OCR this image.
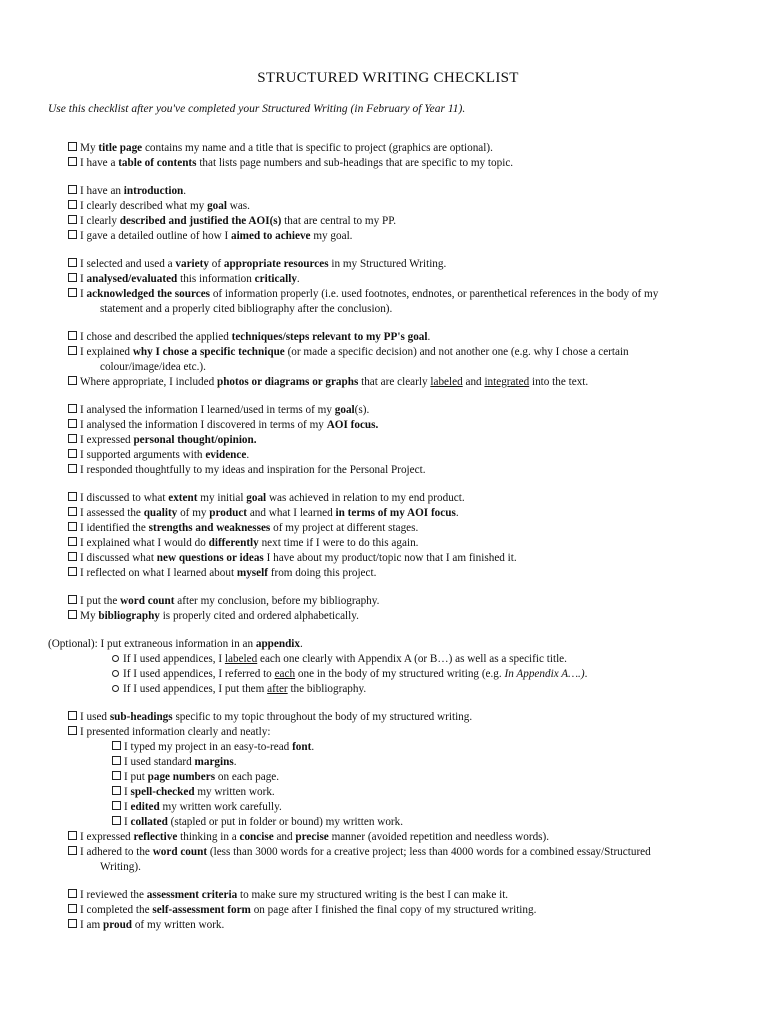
STRUCTURED WRITING CHECKLIST

Use this checklist after you've completed your Structured Writing (in February of Year 11).

My title page contains my name and a title that is specific to project (graphics are optional).

I have a table of contents that lists page numbers and sub-headings that are specific to my topic.

I have an introduction.

I clearly described what my goal was.

I clearly described and justified the AOI(s) that are central to my PP.

I gave a detailed outline of how I aimed to achieve my goal.

I selected and used a variety of appropriate resources in my Structured Writing.

I analysed/evaluated this information critically.

I acknowledged the sources of information properly (i.e. used footnotes, endnotes, or parenthetical references in the body of my

statement and a properly cited bibliography after the conclusion).

I chose and described the applied techniques/steps relevant to my PP's goal.

I explained why I chose a specific technique (or made a specific decision) and not another one (e.g. why I chose a certain

colour/image/idea etc.).

Where appropriate, I included photos or diagrams or graphs that are clearly labeled and integrated into the text.

I analysed the information I learned/used in terms of my goal(s).

I analysed the information I discovered in terms of my AOI focus.

I expressed personal thought/opinion.

I supported arguments with evidence.

I responded thoughtfully to my ideas and inspiration for the Personal Project.

I discussed to what extent my initial goal was achieved in relation to my end product.

I assessed the quality of my product and what I learned in terms of my AOI focus.

I identified the strengths and weaknesses of my project at different stages.

I explained what I would do differently next time if I were to do this again.

I discussed what new questions or ideas I have about my product/topic now that I am finished it.

I reflected on what I learned about myself from doing this project.

I put the word count after my conclusion, before my bibliography.

My bibliography is properly cited and ordered alphabetically.

(Optional): I put extraneous information in an appendix.

If I used appendices, I labeled each one clearly with Appendix A (or B…) as well as a specific title.

If I used appendices, I referred to each one in the body of my structured writing (e.g. In Appendix A….).

If I used appendices, I put them after the bibliography.

I used sub-headings specific to my topic throughout the body of my structured writing.

I presented information clearly and neatly:

I typed my project in an easy-to-read font.

I used standard margins.

I put page numbers on each page.

I spell-checked my written work.

I edited my written work carefully.

I collated (stapled or put in folder or bound) my written work.

I expressed reflective thinking in a concise and precise manner (avoided repetition and needless words).

I adhered to the word count (less than 3000 words for a creative project; less than 4000 words for a combined essay/Structured

Writing).

I reviewed the assessment criteria to make sure my structured writing is the best I can make it.

I completed the self-assessment form on page after I finished the final copy of my structured writing.

I am proud of my written work.
